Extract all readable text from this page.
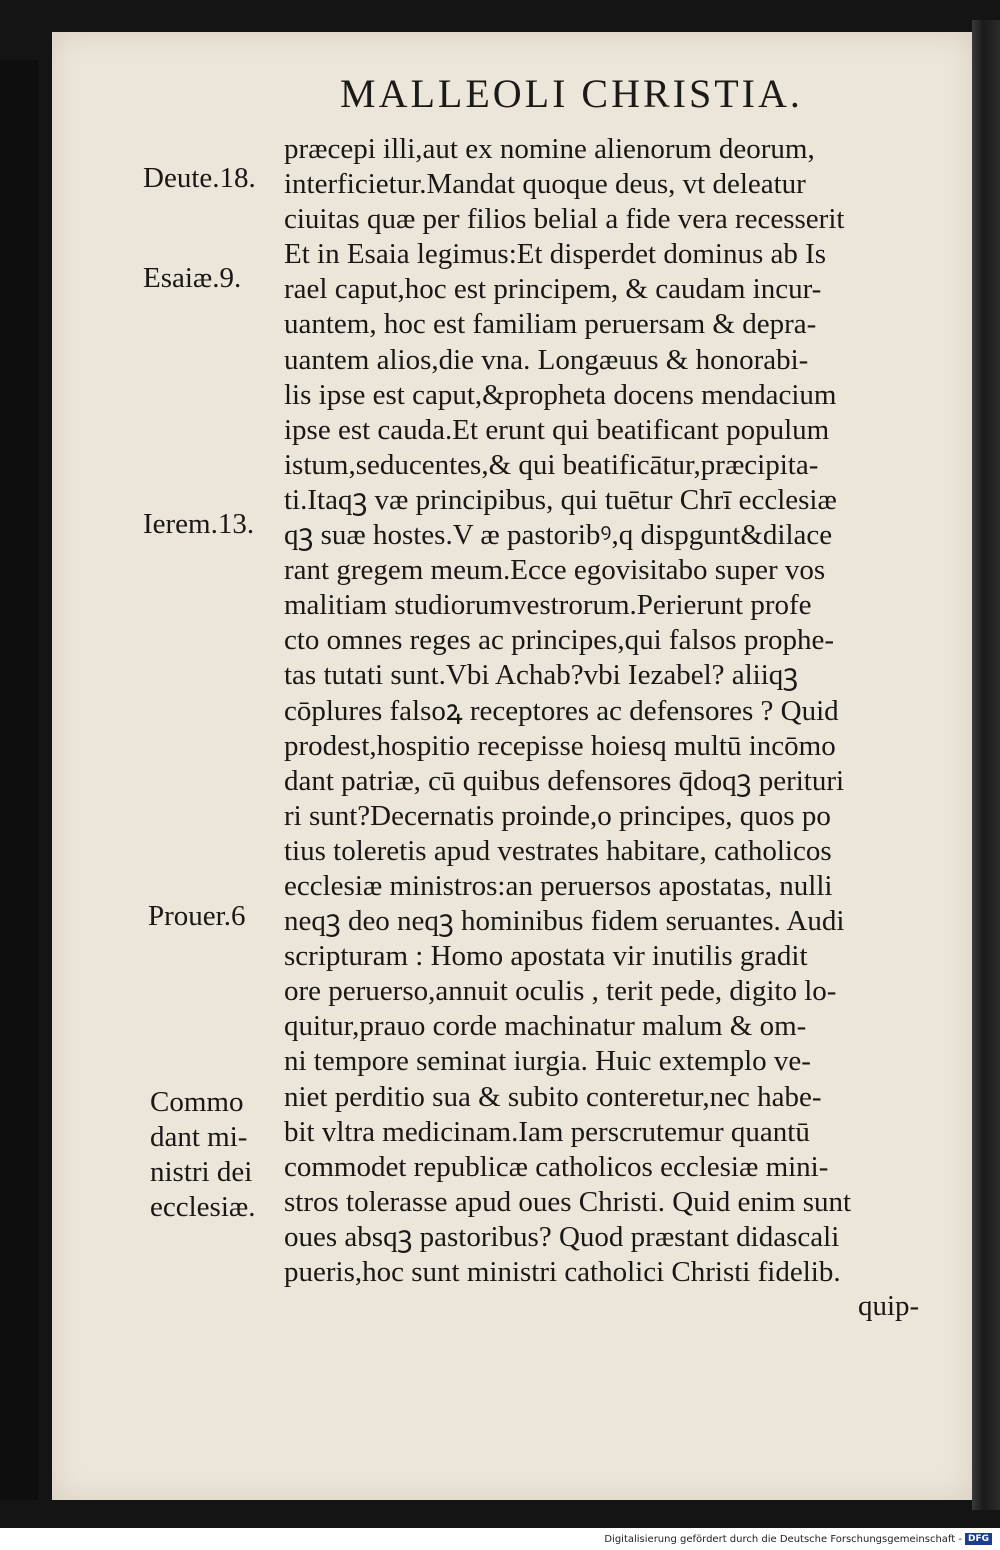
MALLEOLI CHRISTIA.
præcepi illi,aut ex nomine alienorum deorum,
interficietur.Mandat quoque deus, vt deleatur
ciuitas quæ per filios belial a fide vera recesserit
Et in Esaia legimus:Et disperdet dominus ab Is
rael caput,hoc est principem, & caudam incur-
uantem, hoc est familiam peruersam & depra-
uantem alios,die vna. Longæuus & honorabi-
lis ipse est caput,&propheta docens mendacium
ipse est cauda.Et erunt qui beatificant populum
istum,seducentes,& qui beatificātur,præcipita-
ti.Itaqꝫ væ principibus, qui tuētur Chrī ecclesiæ
qꝫ suæ hostes.V æ pastoribꝰ,q dispgunt&dilace
rant gregem meum.Ecce egovisitabo super vos
malitiam studiorumvestrorum.Perierunt profe
cto omnes reges ac principes,qui falsos prophe-
tas tutati sunt.Vbi Achab?vbi Iezabel? aliiqꝫ
cōplures falsoꝝ receptores ac defensores ? Quid
prodest,hospitio recepisse hoiesq multū incōmo
dant patriæ, cū quibus defensores q̄doqꝫ perituri
ri sunt?Decernatis proinde,o principes, quos po
tius toleretis apud vestrates habitare, catholicos
ecclesiæ ministros:an peruersos apostatas, nulli
neqꝫ deo neqꝫ hominibus fidem seruantes. Audi
scripturam : Homo apostata vir inutilis gradit
ore peruerso,annuit oculis , terit pede, digito lo-
quitur,prauo corde machinatur malum & om-
ni tempore seminat iurgia. Huic extemplo ve-
niet perditio sua & subito conteretur,nec habe-
bit vltra medicinam.Iam perscrutemur quantū
commodet republicæ catholicos ecclesiæ mini-
stros tolerasse apud oues Christi. Quid enim sunt
oues absqꝫ pastoribus? Quod præstant didascali
pueris,hoc sunt ministri catholici Christi fidelib.
quip-
Deute.18.
Esaiæ.9.
Ierem.13.
Prouer.6
Commo
dant mi-
nistri dei
ecclesiæ.
Digitalisierung gefördert durch die Deutsche Forschungsgemeinschaft - DFG
